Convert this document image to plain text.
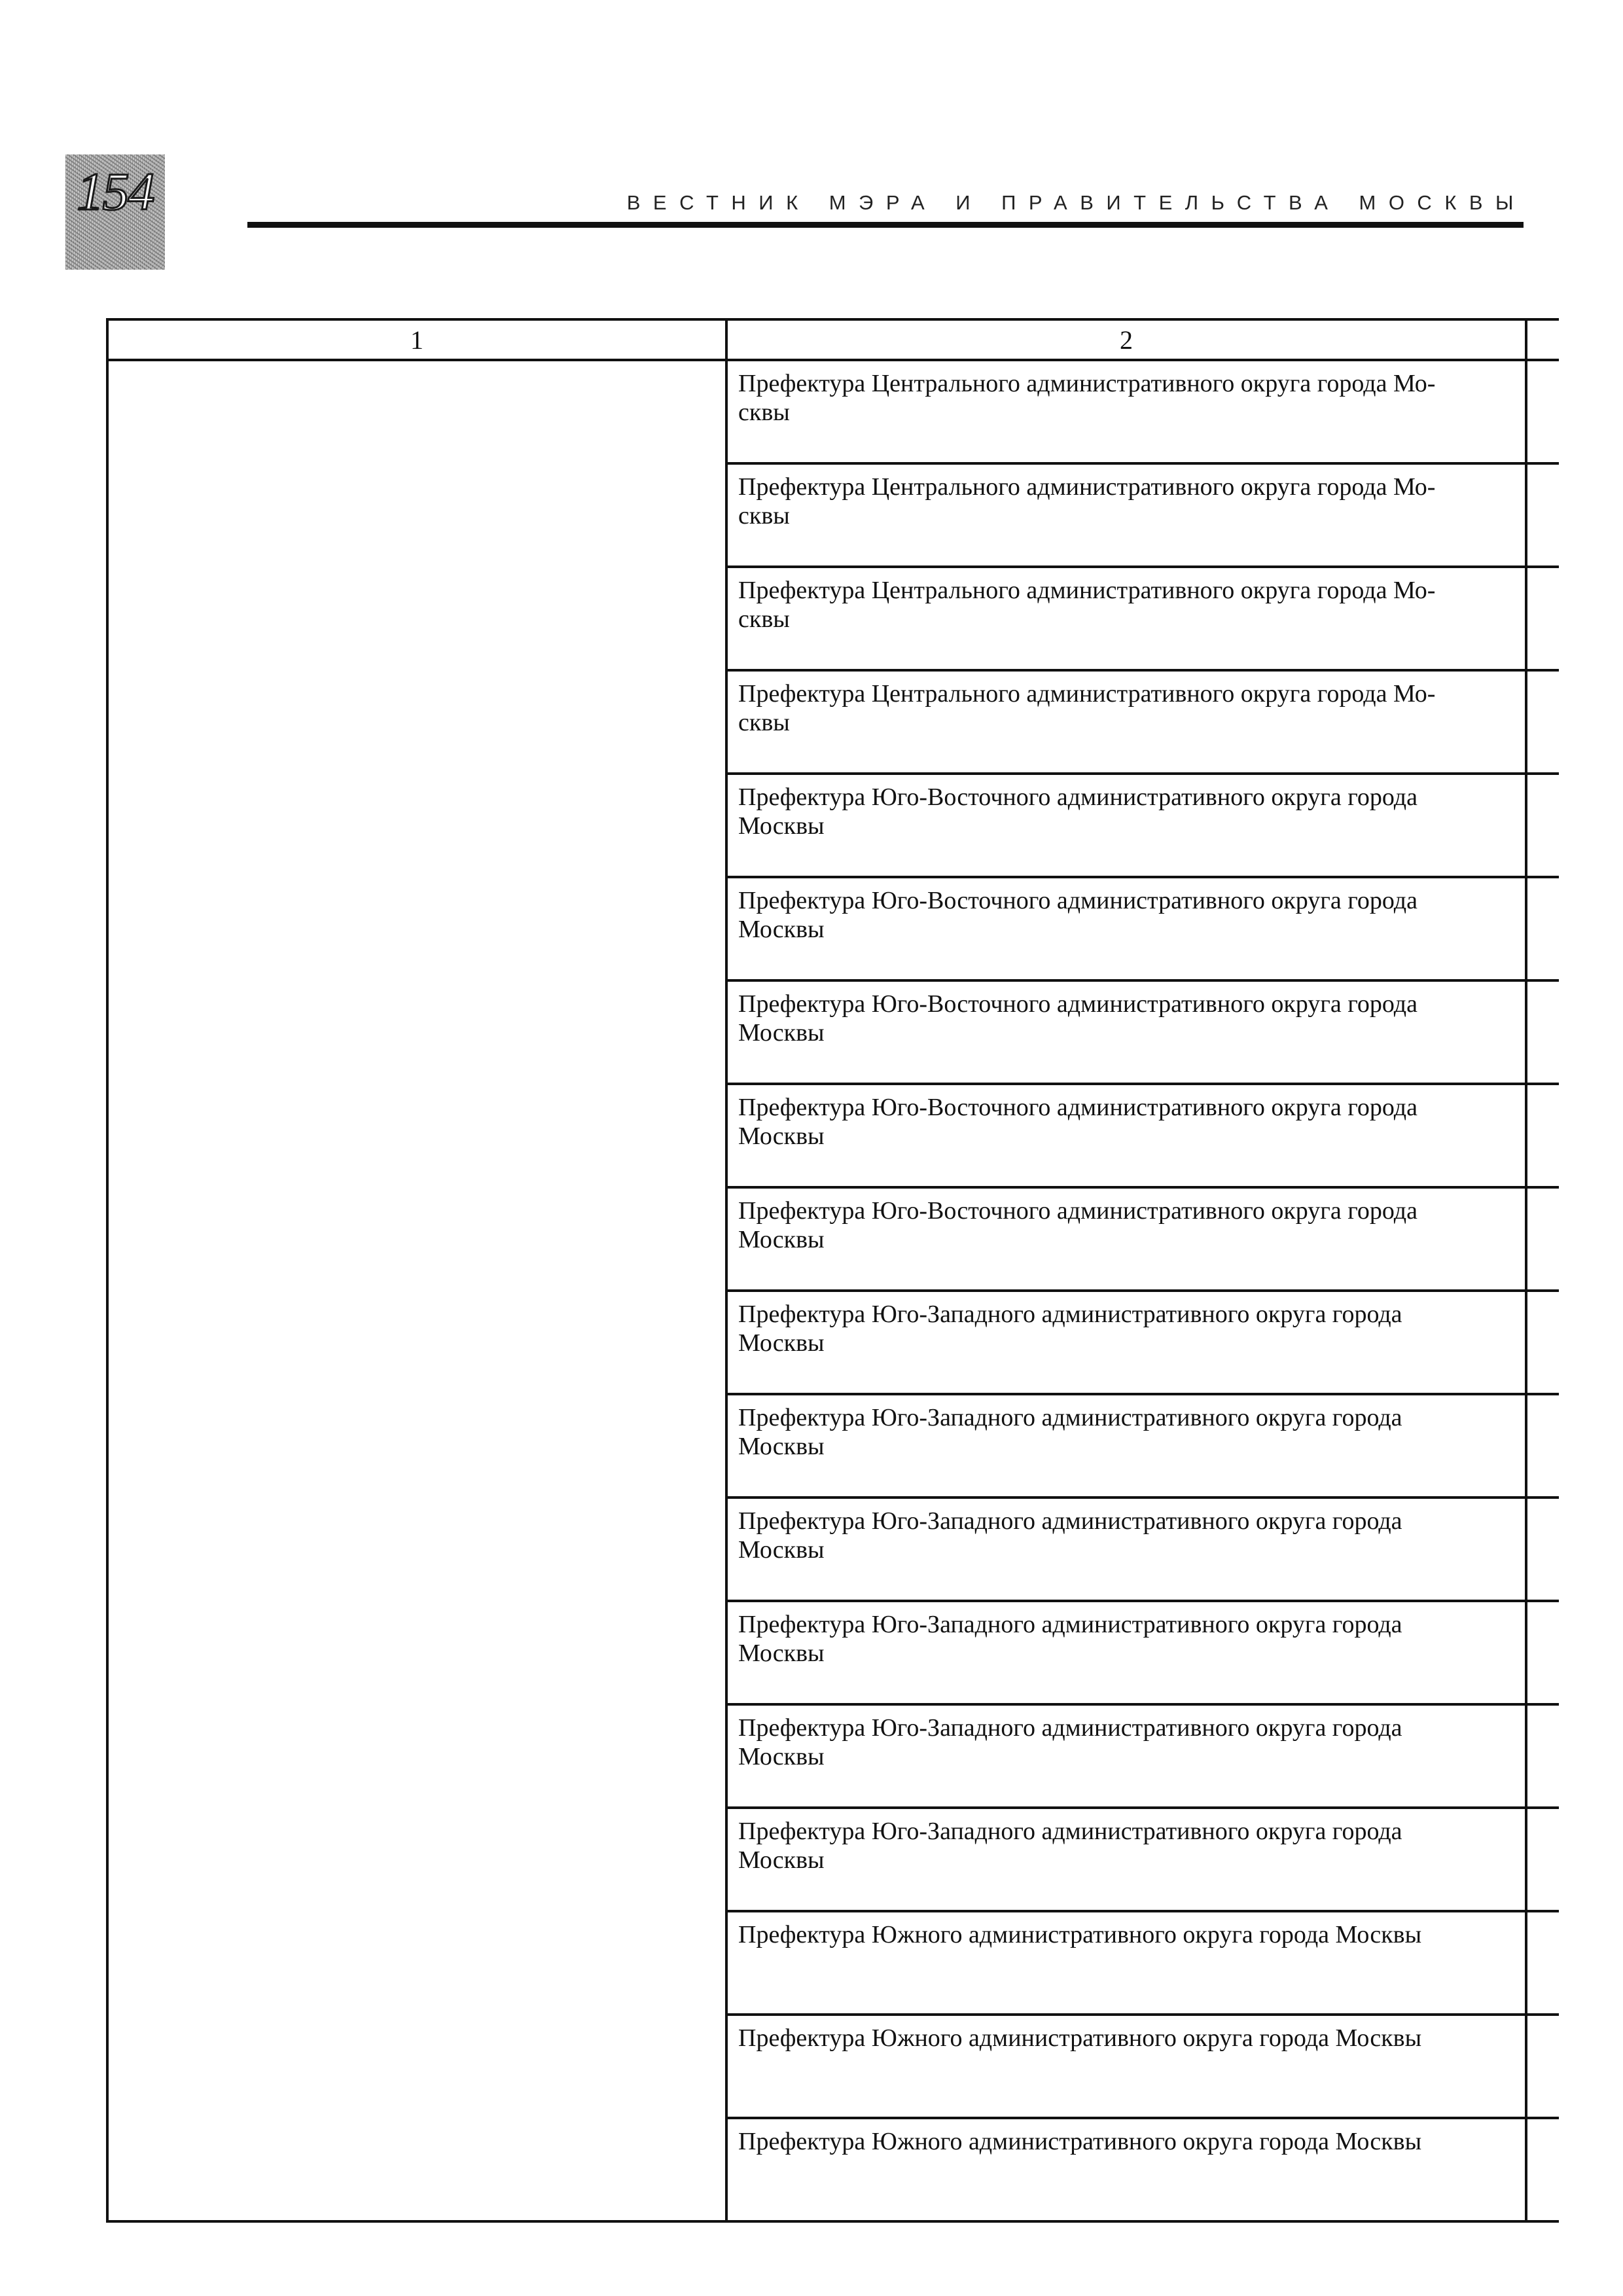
154	ВЕСТНИК МЭРА И ПРАВИТЕЛЬСТВА МОСКВЫ
1	2	
	Префектура Центрального административного округа города Мо-сквы	
	Префектура Центрального административного округа города Мо-сквы	
	Префектура Центрального административного округа города Мо-сквы	
	Префектура Центрального административного округа города Мо-сквы	
	Префектура Юго-Восточного административного округа города Москвы	
	Префектура Юго-Восточного административного округа города Москвы	
	Префектура Юго-Восточного административного округа города Москвы	
	Префектура Юго-Восточного административного округа города Москвы	
	Префектура Юго-Восточного административного округа города Москвы	
	Префектура Юго-Западного административного округа города Москвы	
	Префектура Юго-Западного административного округа города Москвы	
	Префектура Юго-Западного административного округа города Москвы	
	Префектура Юго-Западного административного округа города Москвы	
	Префектура Юго-Западного административного округа города Москвы	
	Префектура Юго-Западного административного округа города Москвы	
	Префектура Южного административного округа города Москвы	
	Префектура Южного административного округа города Москвы	
	Префектура Южного административного округа города Москвы	
